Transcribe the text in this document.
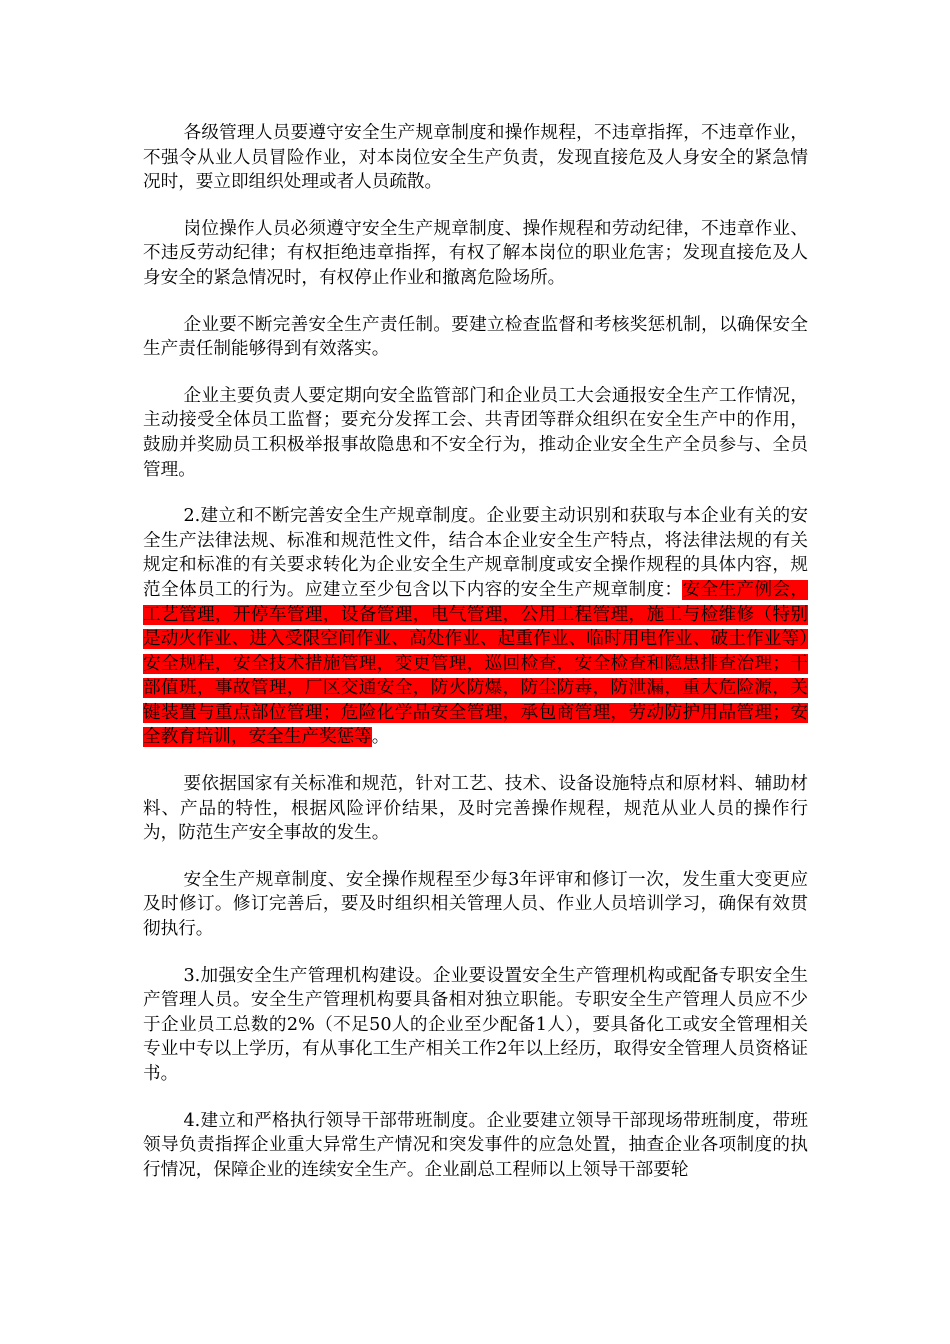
各级管理人员要遵守安全生产规章制度和操作规程，不违章指挥，不违章作业，不强令从业人员冒险作业，对本岗位安全生产负责，发现直接危及人身安全的紧急情况时，要立即组织处理或者人员疏散。

岗位操作人员必须遵守安全生产规章制度、操作规程和劳动纪律，不违章作业、不违反劳动纪律；有权拒绝违章指挥，有权了解本岗位的职业危害；发现直接危及人身安全的紧急情况时，有权停止作业和撤离危险场所。

企业要不断完善安全生产责任制。要建立检查监督和考核奖惩机制，以确保安全生产责任制能够得到有效落实。

企业主要负责人要定期向安全监管部门和企业员工大会通报安全生产工作情况，主动接受全体员工监督；要充分发挥工会、共青团等群众组织在安全生产中的作用，鼓励并奖励员工积极举报事故隐患和不安全行为，推动企业安全生产全员参与、全员管理。

2.建立和不断完善安全生产规章制度。企业要主动识别和获取与本企业有关的安全生产法律法规、标准和规范性文件，结合本企业安全生产特点，将法律法规的有关规定和标准的有关要求转化为企业安全生产规章制度或安全操作规程的具体内容，规范全体员工的行为。应建立至少包含以下内容的安全生产规章制度：安全生产例会，工艺管理，开停车管理，设备管理，电气管理，公用工程管理，施工与检维修（特别是动火作业、进入受限空间作业、高处作业、起重作业、临时用电作业、破土作业等）安全规程，安全技术措施管理，变更管理，巡回检查，安全检查和隐患排查治理；干部值班，事故管理，厂区交通安全，防火防爆，防尘防毒，防泄漏，重大危险源，关键装置与重点部位管理；危险化学品安全管理，承包商管理，劳动防护用品管理；安全教育培训，安全生产奖惩等。

要依据国家有关标准和规范，针对工艺、技术、设备设施特点和原材料、辅助材料、产品的特性，根据风险评价结果，及时完善操作规程，规范从业人员的操作行为，防范生产安全事故的发生。

安全生产规章制度、安全操作规程至少每3年评审和修订一次，发生重大变更应及时修订。修订完善后，要及时组织相关管理人员、作业人员培训学习，确保有效贯彻执行。

3.加强安全生产管理机构建设。企业要设置安全生产管理机构或配备专职安全生产管理人员。安全生产管理机构要具备相对独立职能。专职安全生产管理人员应不少于企业员工总数的2%（不足50人的企业至少配备1人），要具备化工或安全管理相关专业中专以上学历，有从事化工生产相关工作2年以上经历，取得安全管理人员资格证书。

4.建立和严格执行领导干部带班制度。企业要建立领导干部现场带班制度，带班领导负责指挥企业重大异常生产情况和突发事件的应急处置，抽查企业各项制度的执行情况，保障企业的连续安全生产。企业副总工程师以上领导干部要轮
